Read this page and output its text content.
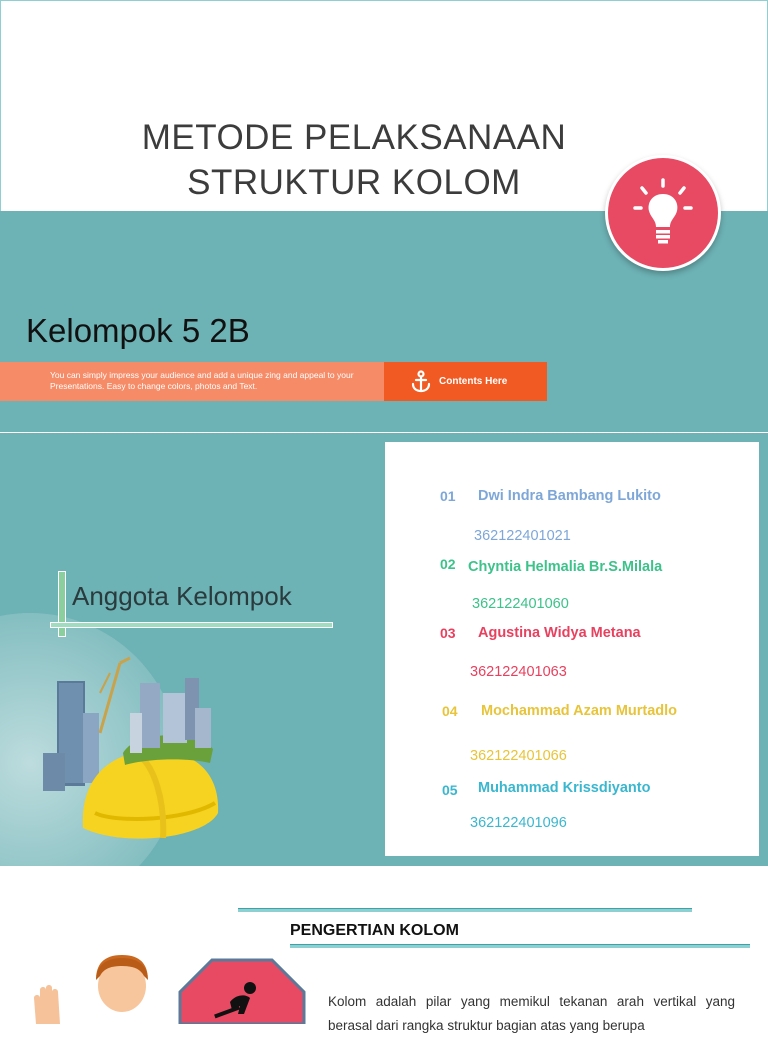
METODE PELAKSANAAN
STRUKTUR KOLOM
Kelompok 5 2B
You can simply impress your audience and add a unique zing and appeal to your Presentations. Easy to change colors, photos and Text.	Contents Here
Anggota Kelompok
01 Dwi Indra Bambang Lukito
362122401021
02 Chyntia Helmalia Br.S.Milala
362122401060
03 Agustina Widya Metana
362122401063
04 Mochammad Azam Murtadlo
362122401066
05 Muhammad Krissdiyanto
362122401096
PENGERTIAN KOLOM
Kolom adalah pilar yang memikul tekanan arah vertikal yang berasal dari rangka struktur bagian atas yang berupa
